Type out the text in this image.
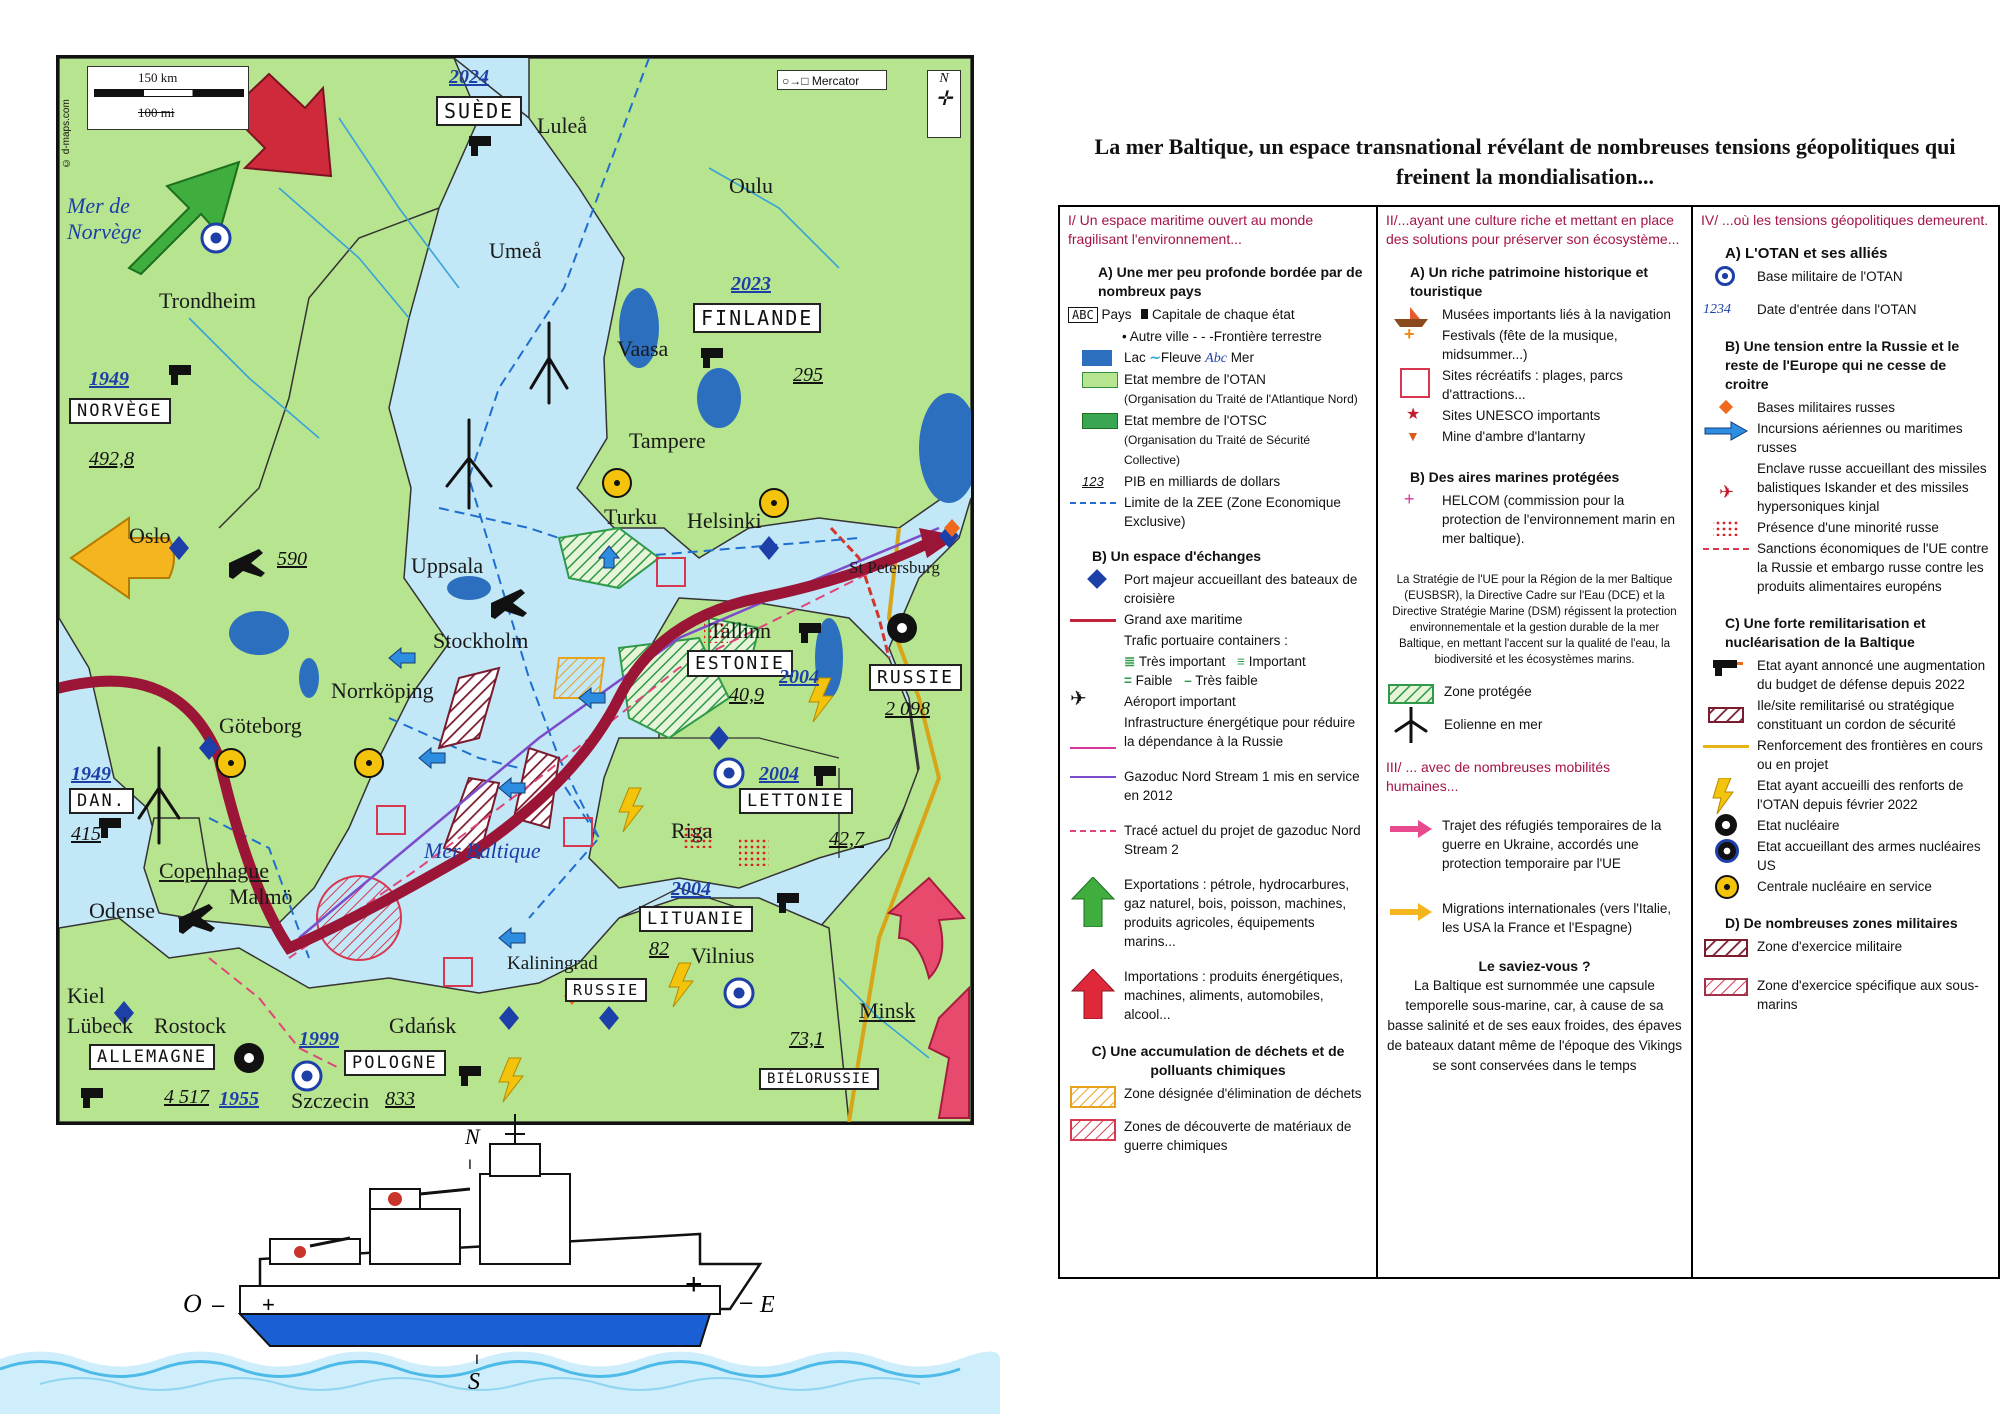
© d-maps.com
150 km
100 mi
○→□ Mercator	N
✛
SUÈDE
FINLANDE
NORVÈGE
ESTONIE
RUSSIE
LETTONIE
LITUANIE
RUSSIE
DAN.
ALLEMAGNE	POLOGNE
BIÉLORUSSIE
2024
2023
1949
2004
2004
2004
1949
1999
1955
492,8
590
295
40,9
2 098
42,7
82
73,1
415
4 517	833
Luleå
Oulu
Umeå
Trondheim
Vaasa
Tampere
Oslo
Turku Helsinki
Uppsala
Stockholm
St Petersburg
Tallinn
Norrköping
Göteborg
Riga
Copenhague
Malmö
Odense
Kaliningrad	Vilnius
Kiel
Lübeck Rostock	Gdańsk
Szczecin
Minsk
Mer de Norvège
Mer Baltique
N
I
O – +
+
– E
I
S
La mer Baltique, un espace transnational révélant de nombreuses tensions géopolitiques qui
freinent la mondialisation...
I/ Un espace maritime ouvert au monde fragilisant l'environnement...
A) Une mer peu profonde bordée par de nombreux pays
ABC Pays Capitale de chaque état
• Autre ville - - -Frontière terrestre
Lac ∼Fleuve Abc Mer
Etat membre de l'OTAN
(Organisation du Traité de l'Atlantique Nord)
Etat membre de l'OTSC
(Organisation du Traité de Sécurité Collective)
123	PIB en milliards de dollars
Limite de la ZEE (Zone Economique Exclusive)
B) Un espace d'échanges
Port majeur accueillant des bateaux de croisière
Grand axe maritime
Trafic portuaire containers :
≣ Très important ≡ Important
= Faible – Très faible
✈	Aéroport important
Infrastructure énergétique pour réduire la dépendance à la Russie
Gazoduc Nord Stream 1 mis en service en 2012
Tracé actuel du projet de gazoduc Nord Stream 2
Exportations : pétrole, hydrocarbures, gaz naturel, bois, poisson, machines, produits agricoles, équipements marins...
Importations : produits énergétiques, machines, aliments, automobiles, alcool...
C) Une accumulation de déchets et de polluants chimiques
Zone désignée d'élimination de déchets
Zones de découverte de matériaux de guerre chimiques
II/...ayant une culture riche et mettant en place des solutions pour préserver son écosystème...
A) Un riche patrimoine historique et touristique
Musées importants liés à la navigation
+	Festivals (fête de la musique, midsummer...)
Sites récréatifs : plages, parcs d'attractions...
★	Sites UNESCO importants
▼	Mine d'ambre d'lantarny
B) Des aires marines protégées
+	HELCOM (commission pour la protection de l'environnement marin en mer baltique).
La Stratégie de l'UE pour la Région de la mer Baltique (EUSBSR), la Directive Cadre sur l'Eau (DCE) et la Directive Stratégie Marine (DSM) régissent la protection environnementale et la gestion durable de la mer Baltique, en mettant l'accent sur la qualité de l'eau, la biodiversité et les écosystèmes marins.
Zone protégée
Eolienne en mer
III/ ... avec de nombreuses mobilités humaines...
Trajet des réfugiés temporaires de la guerre en Ukraine, accordés une protection temporaire par l'UE
Migrations internationales (vers l'Italie, les USA la France et l'Espagne)
Le saviez-vous ?
La Baltique est surnommée une capsule temporelle sous-marine, car, à cause de sa basse salinité et de ses eaux froides, des épaves de bateaux datant même de l'époque des Vikings se sont conservées dans le temps
IV/ ...où les tensions géopolitiques demeurent.
A) L'OTAN et ses alliés
Base militaire de l'OTAN
1234	Date d'entrée dans l'OTAN
B) Une tension entre la Russie et le reste de l'Europe qui ne cesse de croitre
Bases militaires russes
Incursions aériennes ou maritimes russes
✈
Enclave russe accueillant des missiles balistiques Iskander et des missiles hypersoniques kinjal
Présence d'une minorité russe
Sanctions économiques de l'UE contre la Russie et embargo russe contre les produits alimentaires européns
C) Une forte remilitarisation et nucléarisation de la Baltique
Etat ayant annoncé une augmentation du budget de défense depuis 2022
Ile/site remilitarisé ou stratégique constituant un cordon de sécurité
Renforcement des frontières en cours ou en projet
Etat ayant accueilli des renforts de l'OTAN depuis février 2022
Etat nucléaire
Etat accueillant des armes nucléaires US
Centrale nucléaire en service
D) De nombreuses zones militaires
Zone d'exercice militaire
Zone d'exercice spécifique aux sous-marins
